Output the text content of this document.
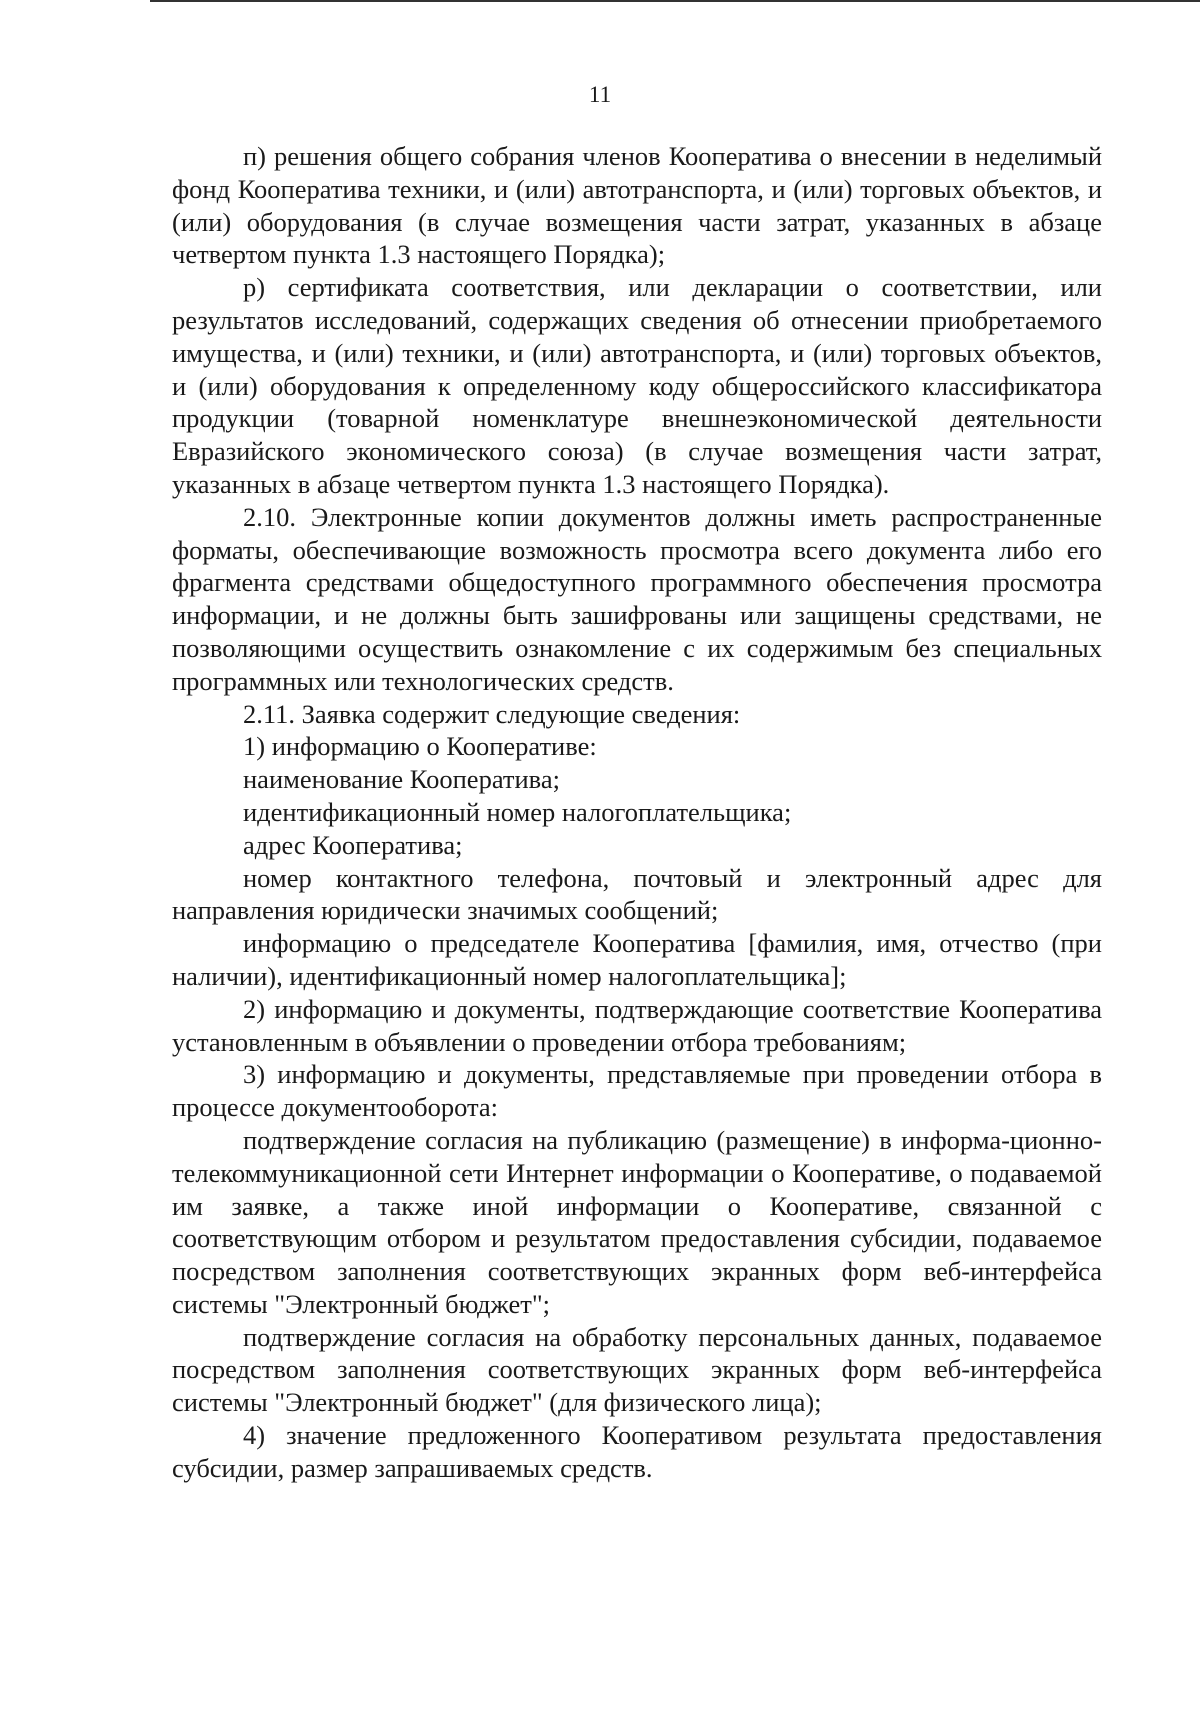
11

п) решения общего собрания членов Кооператива о внесении в неделимый фонд Кооператива техники, и (или) автотранспорта, и (или) торговых объектов, и (или) оборудования (в случае возмещения части затрат, указанных в абзаце четвертом пункта 1.3 настоящего Порядка);

р) сертификата соответствия, или декларации о соответствии, или результатов исследований, содержащих сведения об отнесении приобретаемого имущества, и (или) техники, и (или) автотранспорта, и (или) торговых объектов, и (или) оборудования к определенному коду общероссийского классификатора продукции (товарной номенклатуре внешнеэкономической деятельности Евразийского экономического союза) (в случае возмещения части затрат, указанных в абзаце четвертом пункта 1.3 настоящего Порядка).

2.10. Электронные копии документов должны иметь распространенные форматы, обеспечивающие возможность просмотра всего документа либо его фрагмента средствами общедоступного программного обеспечения просмотра информации, и не должны быть зашифрованы или защищены средствами, не позволяющими осуществить ознакомление с их содержимым без специальных программных или технологических средств.

2.11. Заявка содержит следующие сведения:

1) информацию о Кооперативе:

наименование Кооператива;

идентификационный номер налогоплательщика;

адрес Кооператива;

номер контактного телефона, почтовый и электронный адрес для направления юридически значимых сообщений;

информацию о председателе Кооператива [фамилия, имя, отчество (при наличии), идентификационный номер налогоплательщика];

2) информацию и документы, подтверждающие соответствие Кооператива установленным в объявлении о проведении отбора требованиям;

3) информацию и документы, представляемые при проведении отбора в процессе документооборота:

подтверждение согласия на публикацию (размещение) в информа-ционно-телекоммуникационной сети Интернет информации о Кооперативе, о подаваемой им заявке, а также иной информации о Кооперативе, связанной с соответствующим отбором и результатом предоставления субсидии, подаваемое посредством заполнения соответствующих экранных форм веб-интерфейса системы "Электронный бюджет";

подтверждение согласия на обработку персональных данных, подаваемое посредством заполнения соответствующих экранных форм веб-интерфейса системы "Электронный бюджет" (для физического лица);

4) значение предложенного Кооперативом результата предоставления субсидии, размер запрашиваемых средств.
